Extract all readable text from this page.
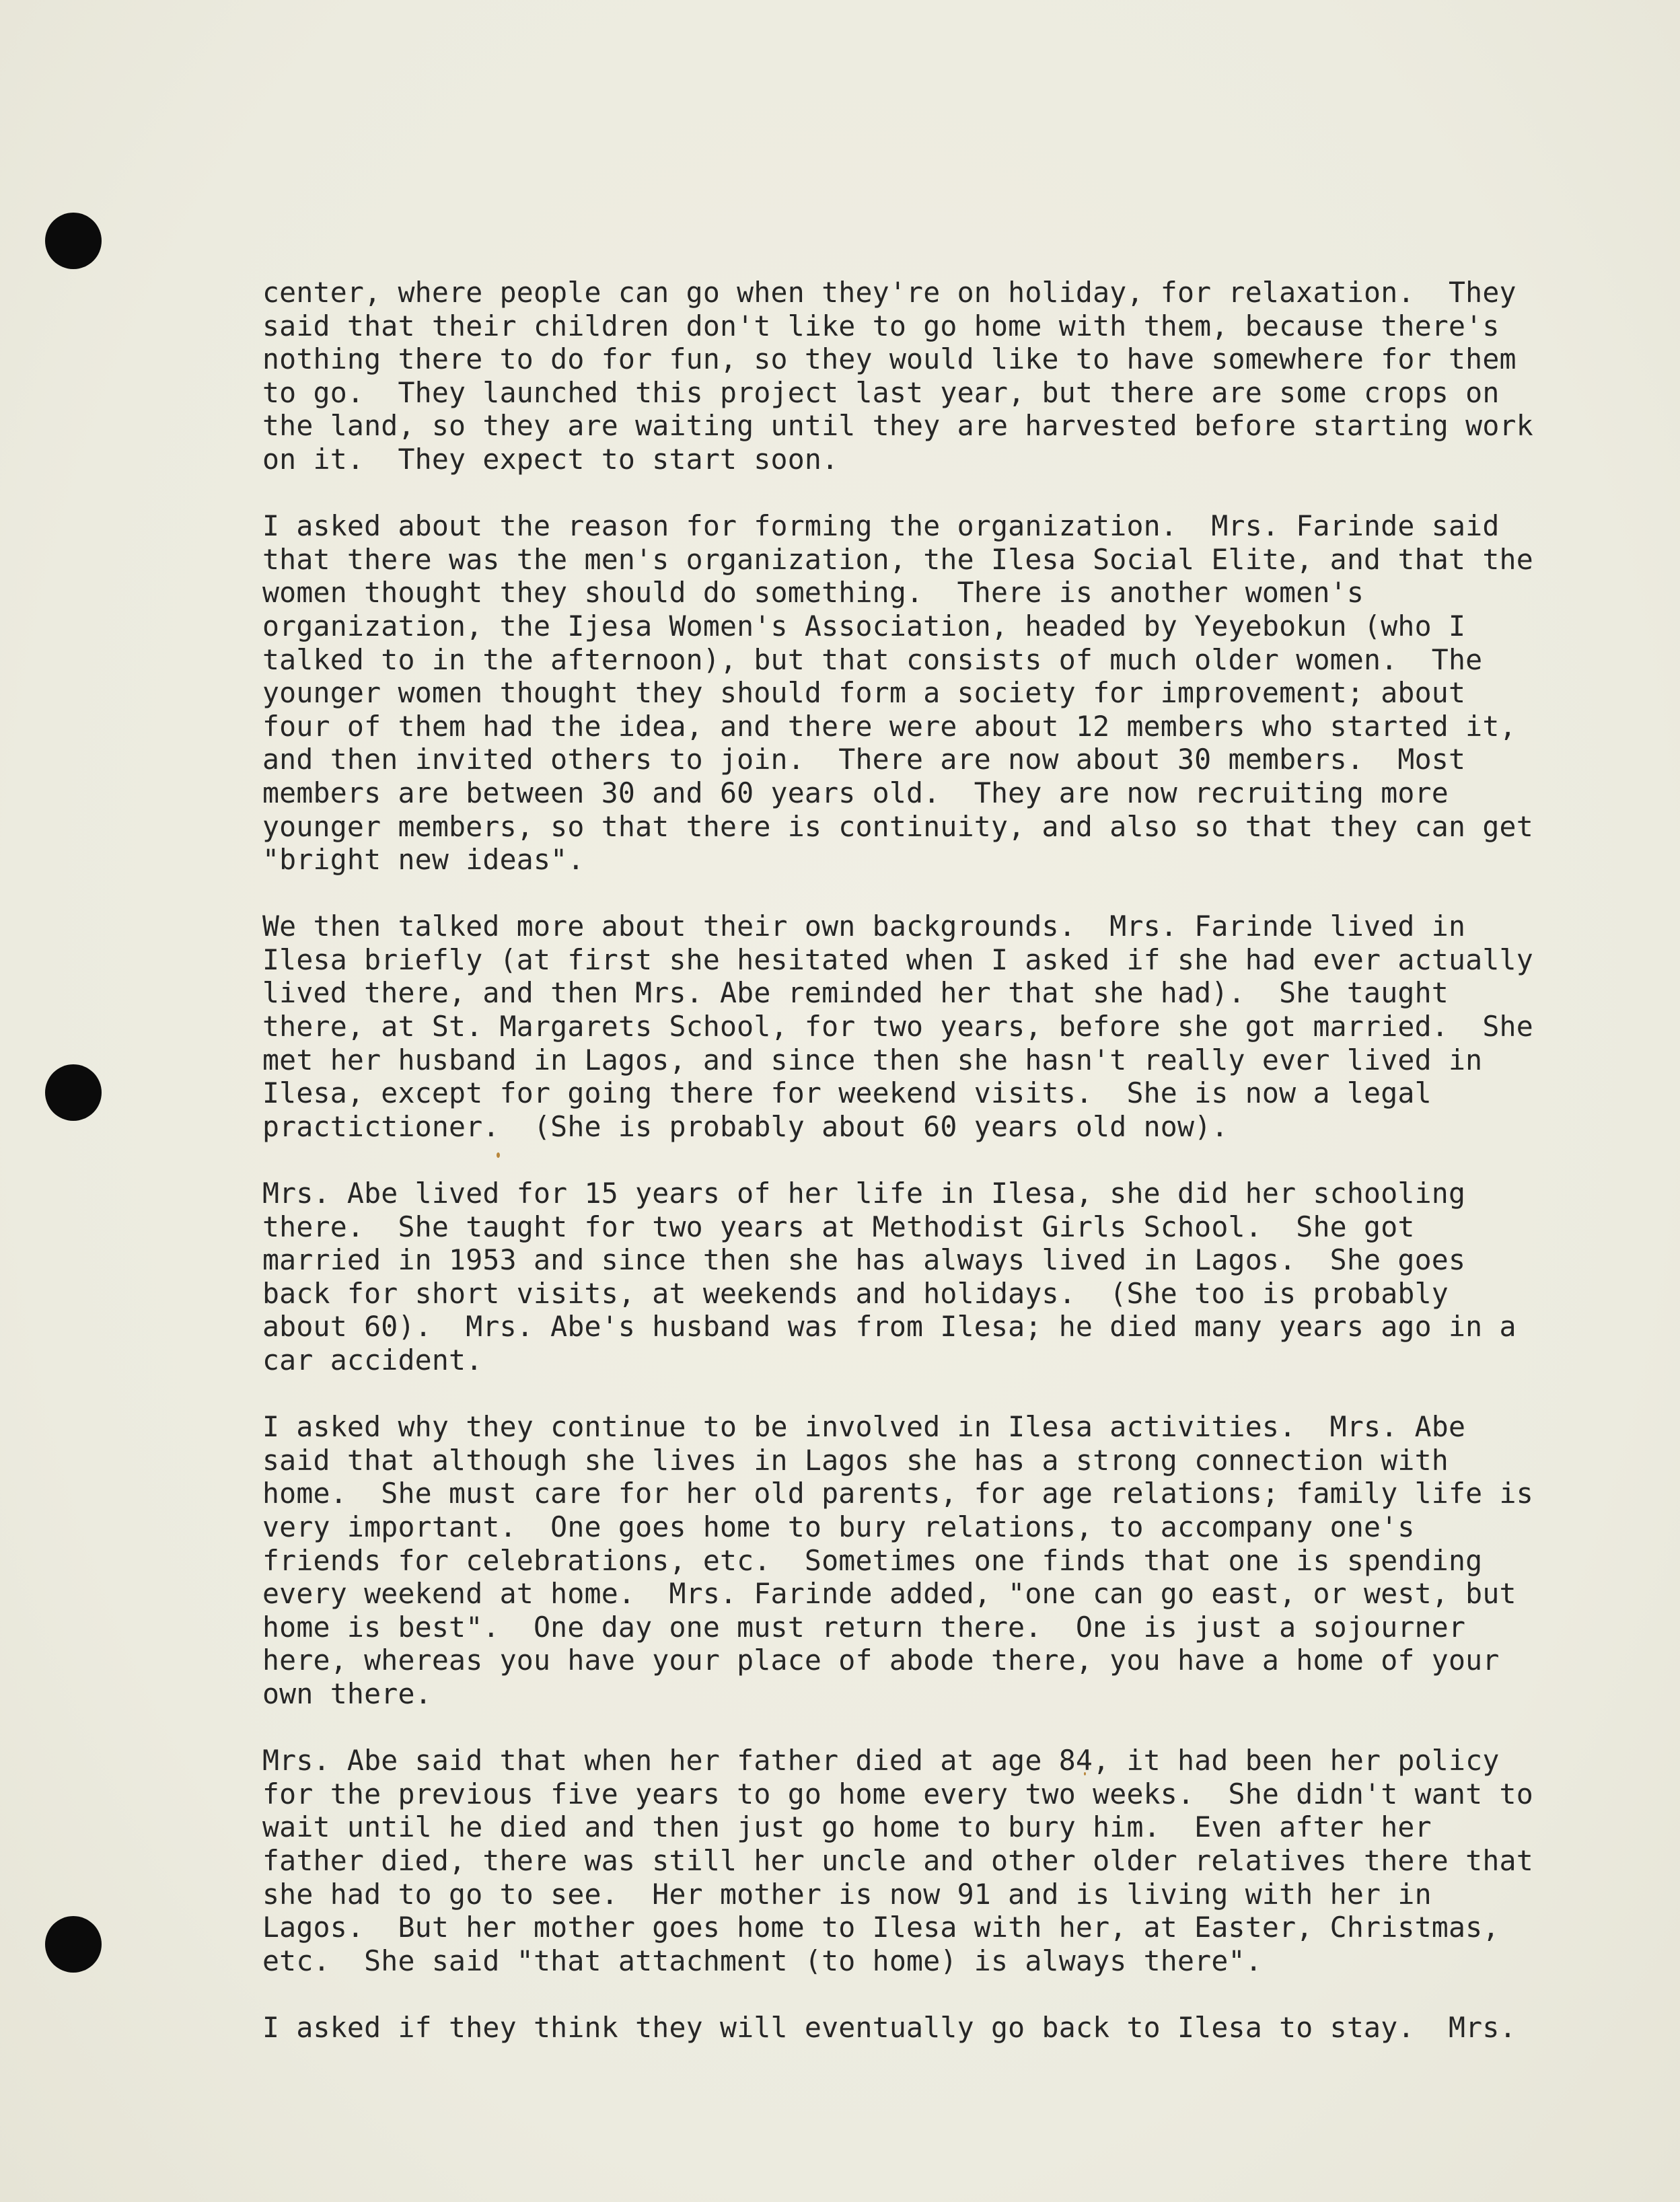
center, where people can go when they're on holiday, for relaxation.  They
said that their children don't like to go home with them, because there's
nothing there to do for fun, so they would like to have somewhere for them
to go.  They launched this project last year, but there are some crops on
the land, so they are waiting until they are harvested before starting work
on it.  They expect to start soon.
I asked about the reason for forming the organization.  Mrs. Farinde said
that there was the men's organization, the Ilesa Social Elite, and that the
women thought they should do something.  There is another women's
organization, the Ijesa Women's Association, headed by Yeyebokun (who I
talked to in the afternoon), but that consists of much older women.  The
younger women thought they should form a society for improvement; about
four of them had the idea, and there were about 12 members who started it,
and then invited others to join.  There are now about 30 members.  Most
members are between 30 and 60 years old.  They are now recruiting more
younger members, so that there is continuity, and also so that they can get
"bright new ideas".
We then talked more about their own backgrounds.  Mrs. Farinde lived in
Ilesa briefly (at first she hesitated when I asked if she had ever actually
lived there, and then Mrs. Abe reminded her that she had).  She taught
there, at St. Margarets School, for two years, before she got married.  She
met her husband in Lagos, and since then she hasn't really ever lived in
Ilesa, except for going there for weekend visits.  She is now a legal
practictioner.  (She is probably about 60 years old now).
Mrs. Abe lived for 15 years of her life in Ilesa, she did her schooling
there.  She taught for two years at Methodist Girls School.  She got
married in 1953 and since then she has always lived in Lagos.  She goes
back for short visits, at weekends and holidays.  (She too is probably
about 60).  Mrs. Abe's husband was from Ilesa; he died many years ago in a
car accident.
I asked why they continue to be involved in Ilesa activities.  Mrs. Abe
said that although she lives in Lagos she has a strong connection with
home.  She must care for her old parents, for age relations; family life is
very important.  One goes home to bury relations, to accompany one's
friends for celebrations, etc.  Sometimes one finds that one is spending
every weekend at home.  Mrs. Farinde added, "one can go east, or west, but
home is best".  One day one must return there.  One is just a sojourner
here, whereas you have your place of abode there, you have a home of your
own there.
Mrs. Abe said that when her father died at age 84, it had been her policy
for the previous five years to go home every two weeks.  She didn't want to
wait until he died and then just go home to bury him.  Even after her
father died, there was still her uncle and other older relatives there that
she had to go to see.  Her mother is now 91 and is living with her in
Lagos.  But her mother goes home to Ilesa with her, at Easter, Christmas,
etc.  She said "that attachment (to home) is always there".
I asked if they think they will eventually go back to Ilesa to stay.  Mrs.
